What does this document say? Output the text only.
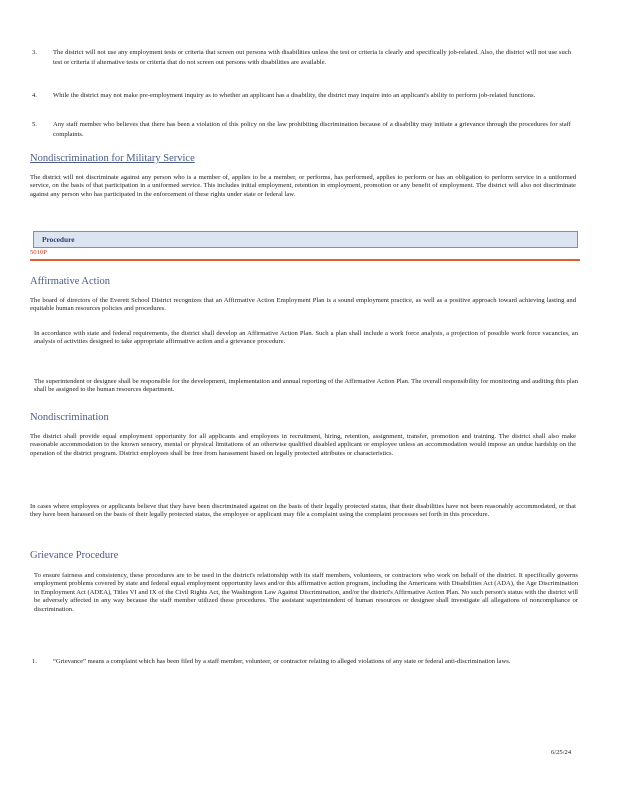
3. The district will not use any employment tests or criteria that screen out persons with disabilities unless the test or criteria is clearly and specifically job-related. Also, the district will not use such test or criteria if alternative tests or criteria that do not screen out persons with disabilities are available.
4. While the district may not make pre-employment inquiry as to whether an applicant has a disability, the district may inquire into an applicant's ability to perform job-related functions.
5. Any staff member who believes that there has been a violation of this policy on the law prohibiting discrimination because of a disability may initiate a grievance through the procedures for staff complaints.
Nondiscrimination for Military Service
The district will not discriminate against any person who is a member of, applies to be a member, or performs, has performed, applies to perform or has an obligation to perform service in a uniformed service, on the basis of that participation in a uniformed service. This includes initial employment, retention in employment, promotion or any benefit of employment. The district will also not discriminate against any person who has participated in the enforcement of these rights under state or federal law.
Procedure
5010P
Affirmative Action
The board of directors of the Everett School District recognizes that an Affirmative Action Employment Plan is a sound employment practice, as well as a positive approach toward achieving lasting and equitable human resources policies and procedures.
In accordance with state and federal requirements, the district shall develop an Affirmative Action Plan. Such a plan shall include a work force analysis, a projection of possible work force vacancies, an analysis of activities designed to take appropriate affirmative action and a grievance procedure.
The superintendent or designee shall be responsible for the development, implementation and annual reporting of the Affirmative Action Plan. The overall responsibility for monitoring and auditing this plan shall be assigned to the human resources department.
Nondiscrimination
The district shall provide equal employment opportunity for all applicants and employees in recruitment, hiring, retention, assignment, transfer, promotion and training. The district shall also make reasonable accommodation to the known sensory, mental or physical limitations of an otherwise qualified disabled applicant or employee unless an accommodation would impose an undue hardship on the operation of the district program. District employees shall be free from harassment based on legally protected attributes or characteristics.
In cases where employees or applicants believe that they have been discriminated against on the basis of their legally protected status, that their disabilities have not been reasonably accommodated, or that they have been harassed on the basis of their legally protected status, the employee or applicant may file a complaint using the complaint processes set forth in this procedure.
Grievance Procedure
To ensure fairness and consistency, these procedures are to be used in the district's relationship with its staff members, volunteers, or contractors who work on behalf of the district. It specifically governs employment problems covered by state and federal equal employment opportunity laws and/or this affirmative action program, including the Americans with Disabilities Act (ADA), the Age Discrimination in Employment Act (ADEA), Titles VI and IX of the Civil Rights Act, the Washington Law Against Discrimination, and/or the district's Affirmative Action Plan. No such person's status with the district will be adversely affected in any way because the staff member utilized these procedures. The assistant superintendent of human resources or designee shall investigate all allegations of noncompliance or discrimination.
1. “Grievance” means a complaint which has been filed by a staff member, volunteer, or contractor relating to alleged violations of any state or federal anti-discrimination laws.
6/25/24
